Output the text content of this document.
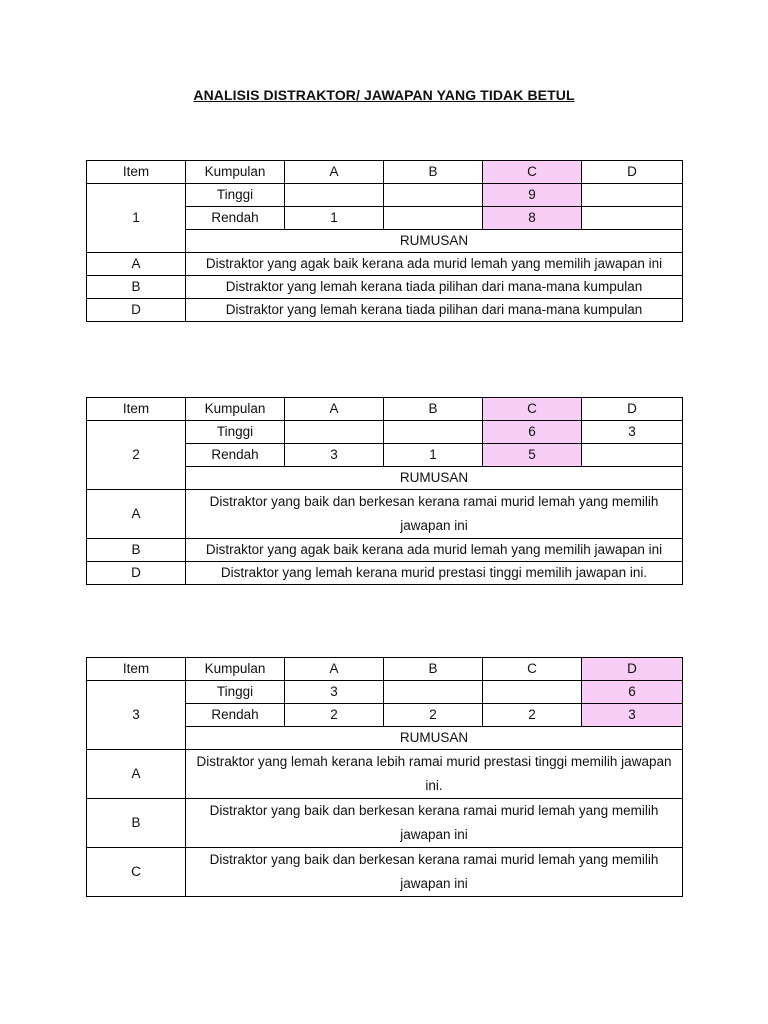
ANALISIS DISTRAKTOR/ JAWAPAN YANG TIDAK BETUL
Item	Kumpulan	A	B	C	D
1	Tinggi			9	
	Rendah	1		8	
	RUMUSAN				
A	Distraktor yang agak baik kerana ada murid lemah yang memilih jawapan ini				
B	Distraktor yang lemah kerana tiada pilihan dari mana-mana kumpulan				
D	Distraktor yang lemah kerana tiada pilihan dari mana-mana kumpulan				
Item	Kumpulan	A	B	C	D
2	Tinggi			6	3
	Rendah	3	1	5	
	RUMUSAN				
A	Distraktor yang baik dan berkesan kerana ramai murid lemah yang memilih jawapan ini				
B	Distraktor yang agak baik kerana ada murid lemah yang memilih jawapan ini				
D	Distraktor yang lemah kerana murid prestasi tinggi memilih jawapan ini.				
Item	Kumpulan	A	B	C	D
3	Tinggi	3			6
	Rendah	2	2	2	3
	RUMUSAN				
A	Distraktor yang lemah kerana lebih ramai murid prestasi tinggi memilih jawapan ini.				
B	Distraktor yang baik dan berkesan kerana ramai murid lemah yang memilih jawapan ini				
C	Distraktor yang baik dan berkesan kerana ramai murid lemah yang memilih jawapan ini				
